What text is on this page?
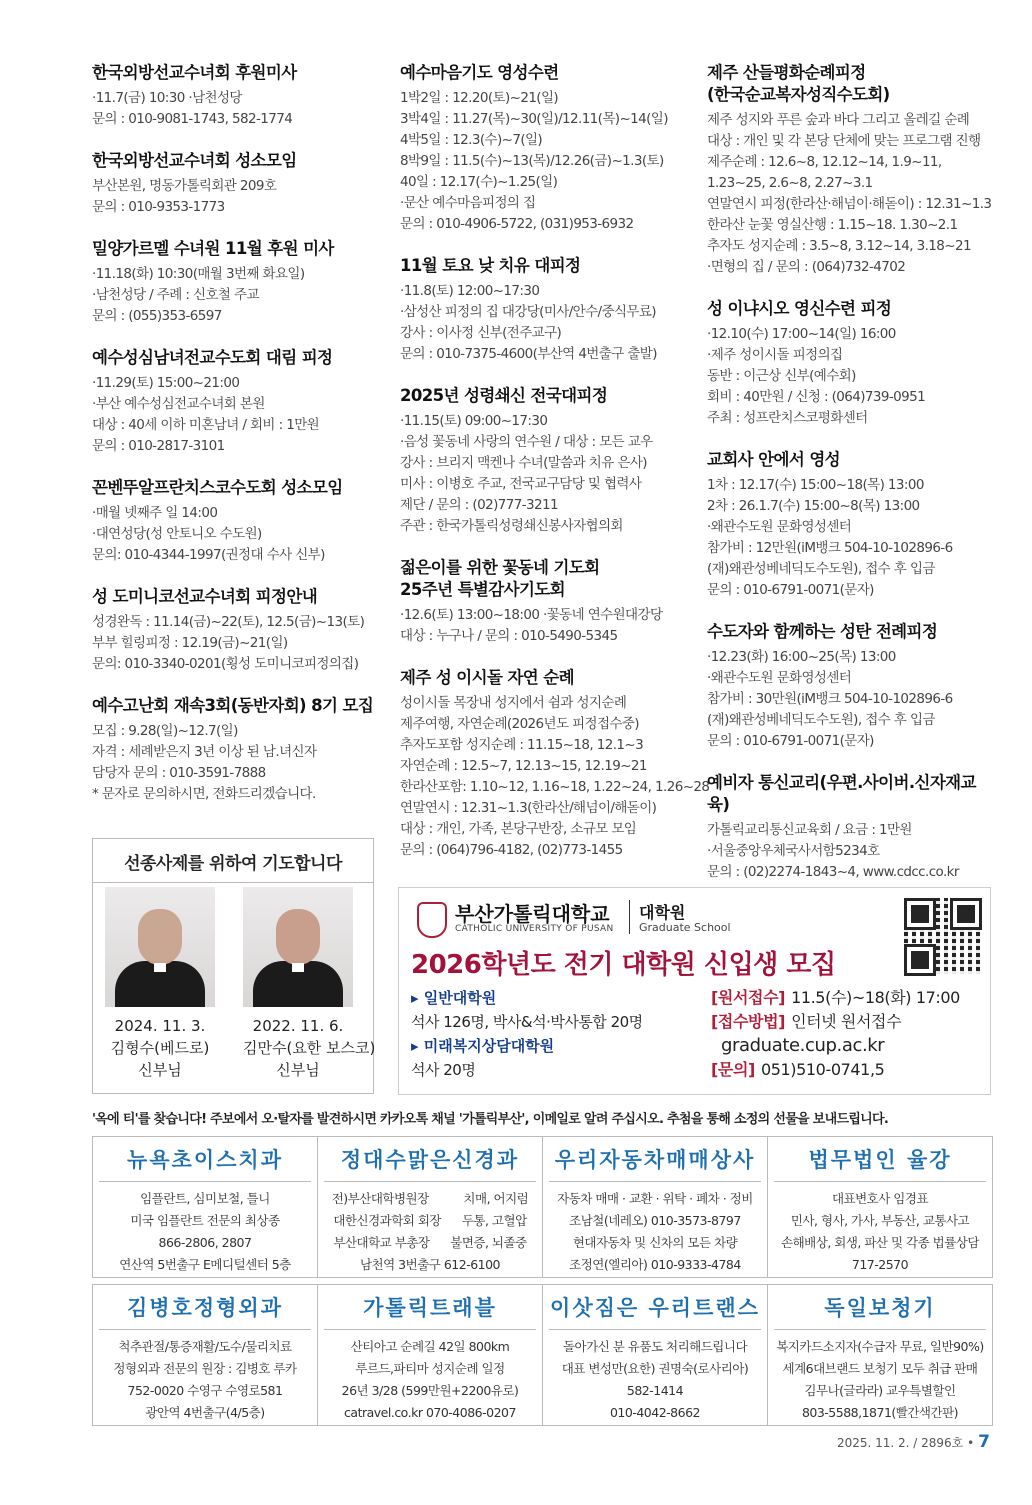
한국외방선교수녀회 후원미사
·11.7(금) 10:30 ·남천성당
문의 : 010-9081-1743, 582-1774
한국외방선교수녀회 성소모임
부산본원, 명동가톨릭회관 209호
문의 : 010-9353-1773
밀양가르멜 수녀원 11월 후원 미사
·11.18(화) 10:30(매월 3번째 화요일)
·남천성당 / 주례 : 신호철 주교
문의 : (055)353-6597
예수성심남녀전교수도회 대림 피정
·11.29(토) 15:00~21:00
·부산 예수성심전교수녀회 본원
대상 : 40세 이하 미혼남녀 / 회비 : 1만원
문의 : 010-2817-3101
꼰벤뚜알프란치스코수도회 성소모임
·매월 넷째주 일 14:00
·대연성당(성 안토니오 수도원)
문의: 010-4344-1997(권정대 수사 신부)
성 도미니코선교수녀회 피정안내
성경완독 : 11.14(금)~22(토), 12.5(금)~13(토)
부부 힐링피정 : 12.19(금)~21(일)
문의: 010-3340-0201(횡성 도미니코피정의집)
예수고난회 재속3회(동반자회) 8기 모집
모집 : 9.28(일)~12.7(일)
자격 : 세례받은지 3년 이상 된 남.녀신자
담당자 문의 : 010-3591-7888
* 문자로 문의하시면, 전화드리겠습니다.
예수마음기도 영성수련
1박2일 : 12.20(토)~21(일)
3박4일 : 11.27(목)~30(일)/12.11(목)~14(일)
4박5일 : 12.3(수)~7(일)
8박9일 : 11.5(수)~13(목)/12.26(금)~1.3(토)
40일 : 12.17(수)~1.25(일)
·문산 예수마음피정의 집
문의 : 010-4906-5722, (031)953-6932
11월 토요 낮 치유 대피정
·11.8(토) 12:00~17:30
·삼성산 피정의 집 대강당(미사/안수/중식무료)
강사 : 이사정 신부(전주교구)
문의 : 010-7375-4600(부산역 4번출구 출발)
2025년 성령쇄신 전국대피정
·11.15(토) 09:00~17:30
·음성 꽃동네 사랑의 연수원 / 대상 : 모든 교우
강사 : 브리지 맥켄나 수녀(말씀과 치유 은사)
미사 : 이병호 주교, 전국교구담당 및 협력사
제단 / 문의 : (02)777-3211
주관 : 한국가톨릭성령쇄신봉사자협의회
젊은이를 위한 꽃동네 기도회
25주년 특별감사기도회
·12.6(토) 13:00~18:00 ·꽃동네 연수원대강당
대상 : 누구나 / 문의 : 010-5490-5345
제주 성 이시돌 자연 순례
성이시돌 목장내 성지에서 쉼과 성지순례
제주여행, 자연순례(2026년도 피정접수중)
추자도포함 성지순례 : 11.15~18, 12.1~3
자연순례 : 12.5~7, 12.13~15, 12.19~21
한라산포함: 1.10~12, 1.16~18, 1.22~24, 1.26~28
연말연시 : 12.31~1.3(한라산/해넘이/해돋이)
대상 : 개인, 가족, 본당구반장, 소규모 모임
문의 : (064)796-4182, (02)773-1455
제주 산들평화순례피정
(한국순교복자성직수도회)
제주 성지와 푸른 숲과 바다 그리고 올레길 순례
대상 : 개인 및 각 본당 단체에 맞는 프로그램 진행
제주순례 : 12.6~8, 12.12~14, 1.9~11,
1.23~25, 2.6~8, 2.27~3.1
연말연시 피정(한라산·해넘이·해돋이) : 12.31~1.3
한라산 눈꽃 영실산행 : 1.15~18. 1.30~2.1
추자도 성지순례 : 3.5~8, 3.12~14, 3.18~21
·면형의 집 / 문의 : (064)732-4702
성 이냐시오 영신수련 피정
·12.10(수) 17:00~14(일) 16:00
·제주 성이시돌 피정의집
동반 : 이근상 신부(예수회)
회비 : 40만원 / 신청 : (064)739-0951
주최 : 성프란치스코평화센터
교회사 안에서 영성
1차 : 12.17(수) 15:00~18(목) 13:00
2차 : 26.1.7(수) 15:00~8(목) 13:00
·왜관수도원 문화영성센터
참가비 : 12만원(iM뱅크 504-10-102896-6
(재)왜관성베네딕도수도원), 접수 후 입금
문의 : 010-6791-0071(문자)
수도자와 함께하는 성탄 전례피정
·12.23(화) 16:00~25(목) 13:00
·왜관수도원 문화영성센터
참가비 : 30만원(iM뱅크 504-10-102896-6
(재)왜관성베네딕도수도원), 접수 후 입금
문의 : 010-6791-0071(문자)
예비자 통신교리(우편.사이버.신자재교육)
가톨릭교리통신교육회 / 요금 : 1만원
·서울중앙우체국사서함5234호
문의 : (02)2274-1843~4, www.cdcc.co.kr
선종사제를 위하여 기도합니다
2024. 11. 3.
김형수(베드로)
신부님
2022. 11. 6.
김만수(요한 보스코)
신부님
부산가톨릭대학교
CATHOLIC UNIVERSITY OF PUSAN
대학원
Graduate School
2026학년도 전기 대학원 신입생 모집
▸ 일반대학원
석사 126명, 박사&석·박사통합 20명
▸ 미래복지상담대학원
석사 20명
[원서접수] 11.5(수)~18(화) 17:00
[접수방법] 인터넷 원서접수
graduate.cup.ac.kr
[문의] 051)510-0741,5
'옥에 티'를 찾습니다! 주보에서 오·탈자를 발견하시면 카카오톡 채널 '가톨릭부산', 이메일로 알려 주십시오. 추첨을 통해 소정의 선물을 보내드립니다.
뉴욕초이스치과
임플란트, 심미보철, 틀니
미국 임플란트 전문의 최상종
866-2806, 2807
연산역 5번출구 E메디털센터 5층
정대수맑은신경과
전)부산대학병원장          치매, 어지럼
대한신경과학회 회장      두통, 고혈압
부산대학교 부총장      불면증, 뇌졸중
남천역 3번출구 612-6100
우리자동차매매상사
자동차 매매 · 교환 · 위탁 · 폐차 · 정비
조남철(네레오) 010-3573-8797
현대자동차 및 신차의 모든 차량
조정연(엘리아) 010-9333-4784
법무법인 율강
대표변호사 임경표
민사, 형사, 가사, 부동산, 교통사고
손해배상, 회생, 파산 및 각종 법률상담
717-2570
김병호정형외과
척추관절/통증재활/도수/물리치료
정형외과 전문의 원장 : 김병호 루카
752-0020 수영구 수영로581
광안역 4번출구(4/5층)
가톨릭트래블
산티아고 순례길 42일 800km
루르드,파티마 성지순례 일정
26년 3/28 (599만원+2200유로)
catravel.co.kr 070-4086-0207
이삿짐은 우리트랜스
돌아가신 분 유품도 처리해드립니다
대표 변성만(요한) 권명숙(로사리아)
582-1414
010-4042-8662
독일보청기
복지카드소지자(수급자 무료, 일반90%)
세계6대브랜드 보청기 모두 취급 판매
김무나(글라라) 교우특별할인
803-5588,1871(빨간색간판)
2025. 11. 2. / 2896호 • 7
